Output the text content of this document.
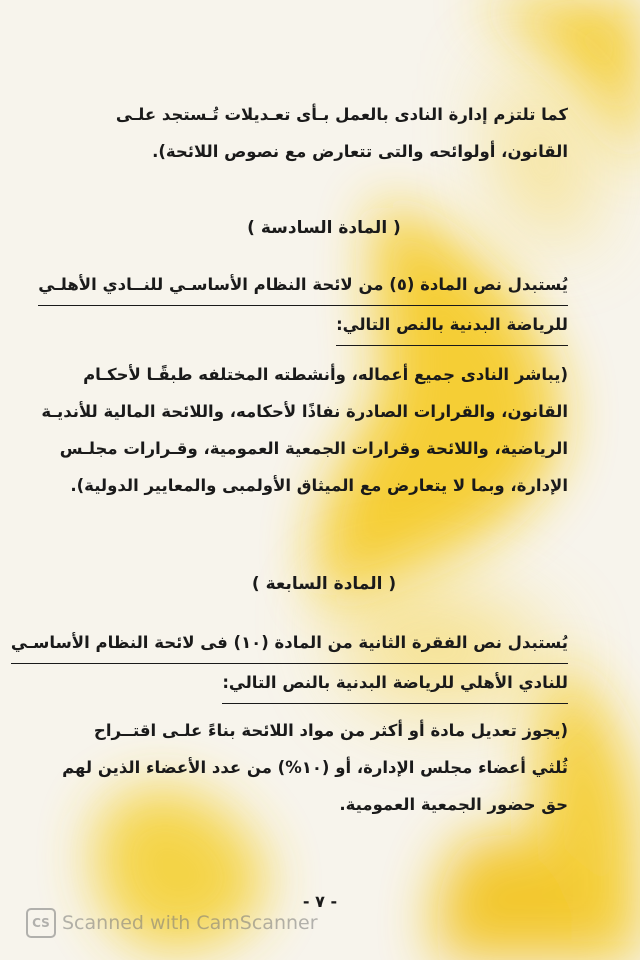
كما تلتزم إدارة النادى بالعمل بـأى تعـديلات تُـستجد علـى
القانون، أولوائحه والتى تتعارض مع نصوص اللائحة).
( المادة السادسة )
يُستبدل نص المادة (٥) من لائحة النظام الأساسـي للنــادي الأهلـي
للرياضة البدنية بالنص التالي:
(يباشر النادى جميع أعماله، وأنشطته المختلفه طبقًـا لأحكـام
القانون، والقرارات الصادرة نفاذًا لأحكامه، واللائحة المالية للأنديـة
الرياضية، واللائحة وقرارات الجمعية العمومية، وقـرارات مجلـس
الإدارة، وبما لا يتعارض مع الميثاق الأولمبى والمعايير الدولية).
( المادة السابعة )
يُستبدل نص الفقرة الثانية من المادة (١٠) فى لائحة النظام الأساسـي
للنادي الأهلي للرياضة البدنية بالنص التالي:
(يجوز تعديل مادة أو أكثر من مواد اللائحة بناءً علـى اقتــراح
ثُلثي أعضاء مجلس الإدارة، أو (١٠%) من عدد الأعضاء الذين لهم
حق حضور الجمعية العمومية.
- ٧ -
CS Scanned with CamScanner
